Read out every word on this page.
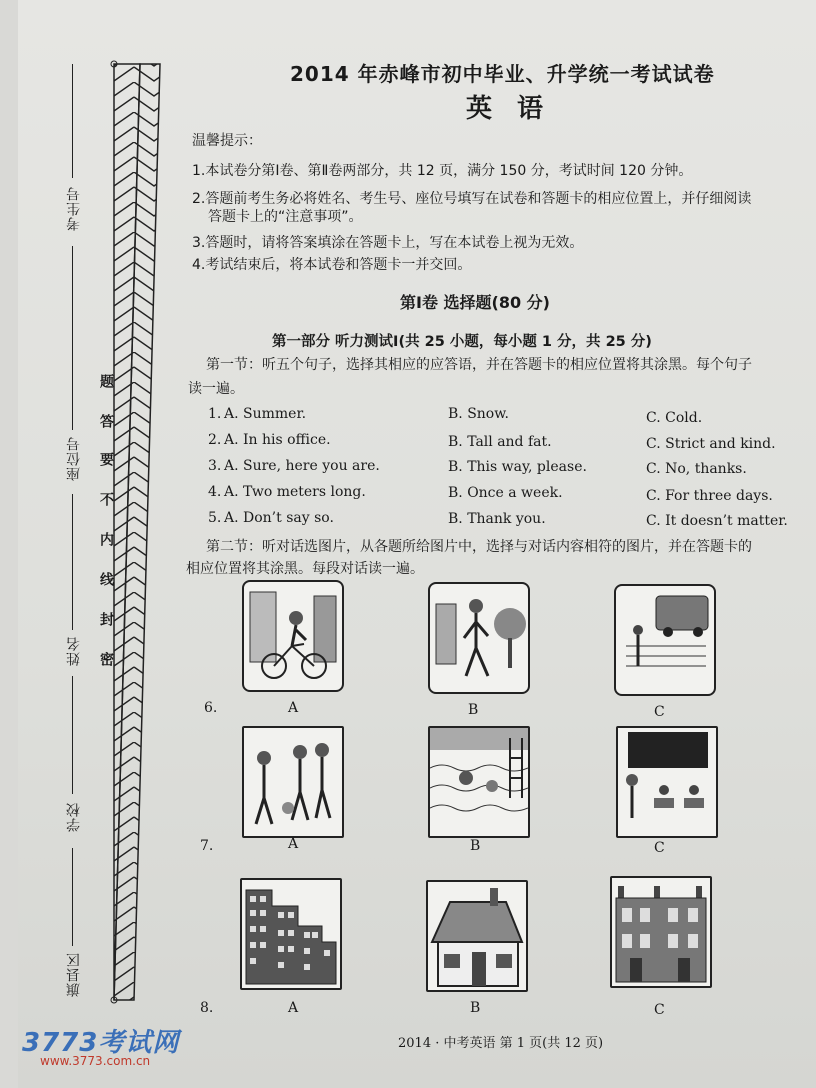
考生号
座位号
姓名
学校
旗县区
题
答
要
不
内
线
封
密
2014 年赤峰市初中毕业、升学统一考试试卷
英 语
温馨提示：
1.本试卷分第Ⅰ卷、第Ⅱ卷两部分，共 12 页，满分 150 分，考试时间 120 分钟。
2.答题前考生务必将姓名、考生号、座位号填写在试卷和答题卡的相应位置上，并仔细阅读
答题卡上的“注意事项”。
3.答题时，请将答案填涂在答题卡上，写在本试卷上视为无效。
4.考试结束后，将本试卷和答题卡一并交回。
第Ⅰ卷 选择题(80 分)
第一部分 听力测试Ⅰ(共 25 小题，每小题 1 分，共 25 分)
第一节：听五个句子，选择其相应的应答语，并在答题卡的相应位置将其涂黑。每个句子
读一遍。
1. A. Summer.	B. Snow.	C. Cold.
2. A. In his office.	B. Tall and fat.	C. Strict and kind.
3. A. Sure, here you are.	B. This way, please.	C. No, thanks.
4. A. Two meters long.	B. Once a week.	C. For three days.
5. A. Don’t say so.	B. Thank you.	C. It doesn’t matter.
第二节：听对话选图片，从各题所给图片中，选择与对话内容相符的图片，并在答题卡的
相应位置将其涂黑。每段对话读一遍。
6.	A	B	C
7.	A	B	C
8.	A	B	C
2014 · 中考英语 第 1 页(共 12 页)
3773考试网
www.3773.com.cn
